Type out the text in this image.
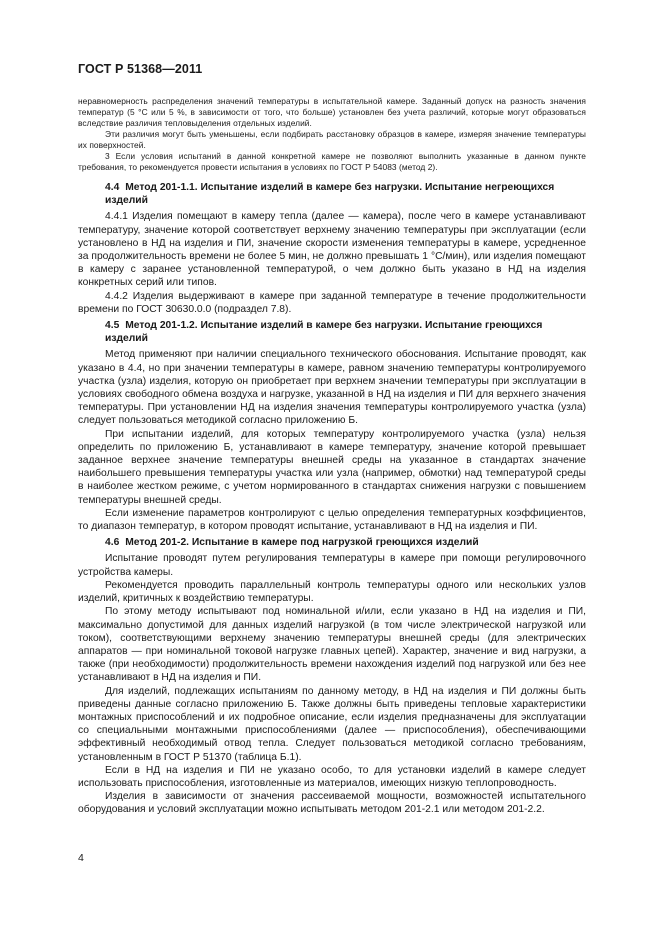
ГОСТ Р 51368—2011

неравномерность распределения значений температуры в испытательной камере. Заданный допуск на разность значения температур (5 °С или 5 %, в зависимости от того, что больше) установлен без учета различий, которые могут образоваться вследствие различия тепловыделения отдельных изделий.

Эти различия могут быть уменьшены, если подбирать расстановку образцов в камере, измеряя значение температуры их поверхностей.

3 Если условия испытаний в данной конкретной камере не позволяют выполнить указанные в данном пункте требования, то рекомендуется провести испытания в условиях по ГОСТ Р 54083 (метод 2).

4.4 Метод 201-1.1. Испытание изделий в камере без нагрузки. Испытание негреющихся изделий

4.4.1 Изделия помещают в камеру тепла (далее — камера), после чего в камере устанавливают температуру, значение которой соответствует верхнему значению температуры при эксплуатации (если установлено в НД на изделия и ПИ, значение скорости изменения температуры в камере, усредненное за продолжительность времени не более 5 мин, не должно превышать 1 °С/мин), или изделия помещают в камеру с заранее установленной температурой, о чем должно быть указано в НД на изделия конкретных серий или типов.

4.4.2 Изделия выдерживают в камере при заданной температуре в течение продолжительности времени по ГОСТ 30630.0.0 (подраздел 7.8).

4.5 Метод 201-1.2. Испытание изделий в камере без нагрузки. Испытание греющихся изделий

Метод применяют при наличии специального технического обоснования. Испытание проводят, как указано в 4.4, но при значении температуры в камере, равном значению температуры контролируемого участка (узла) изделия, которую он приобретает при верхнем значении температуры при эксплуатации в условиях свободного обмена воздуха и нагрузке, указанной в НД на изделия и ПИ для верхнего значения температуры. При установлении НД на изделия значения температуры контролируемого участка (узла) следует пользоваться методикой согласно приложению Б.

При испытании изделий, для которых температуру контролируемого участка (узла) нельзя определить по приложению Б, устанавливают в камере температуру, значение которой превышает заданное верхнее значение температуры внешней среды на указанное в стандартах значение наибольшего превышения температуры участка или узла (например, обмотки) над температурой среды в наиболее жестком режиме, с учетом нормированного в стандартах снижения нагрузки с повышением температуры внешней среды.

Если изменение параметров контролируют с целью определения температурных коэффициентов, то диапазон температур, в котором проводят испытание, устанавливают в НД на изделия и ПИ.

4.6 Метод 201-2. Испытание в камере под нагрузкой греющихся изделий

Испытание проводят путем регулирования температуры в камере при помощи регулировочного устройства камеры.

Рекомендуется проводить параллельный контроль температуры одного или нескольких узлов изделий, критичных к воздействию температуры.

По этому методу испытывают под номинальной и/или, если указано в НД на изделия и ПИ, максимально допустимой для данных изделий нагрузкой (в том числе электрической нагрузкой или током), соответствующими верхнему значению температуры внешней среды (для электрических аппаратов — при номинальной токовой нагрузке главных цепей). Характер, значение и вид нагрузки, а также (при необходимости) продолжительность времени нахождения изделий под нагрузкой или без нее устанавливают в НД на изделия и ПИ.

Для изделий, подлежащих испытаниям по данному методу, в НД на изделия и ПИ должны быть приведены данные согласно приложению Б. Также должны быть приведены тепловые характеристики монтажных приспособлений и их подробное описание, если изделия предназначены для эксплуатации со специальными монтажными приспособлениями (далее — приспособления), обеспечивающими эффективный необходимый отвод тепла. Следует пользоваться методикой согласно требованиям, установленным в ГОСТ Р 51370 (таблица Б.1).

Если в НД на изделия и ПИ не указано особо, то для установки изделий в камере следует использовать приспособления, изготовленные из материалов, имеющих низкую теплопроводность.

Изделия в зависимости от значения рассеиваемой мощности, возможностей испытательного оборудования и условий эксплуатации можно испытывать методом 201-2.1 или методом 201-2.2.

4
